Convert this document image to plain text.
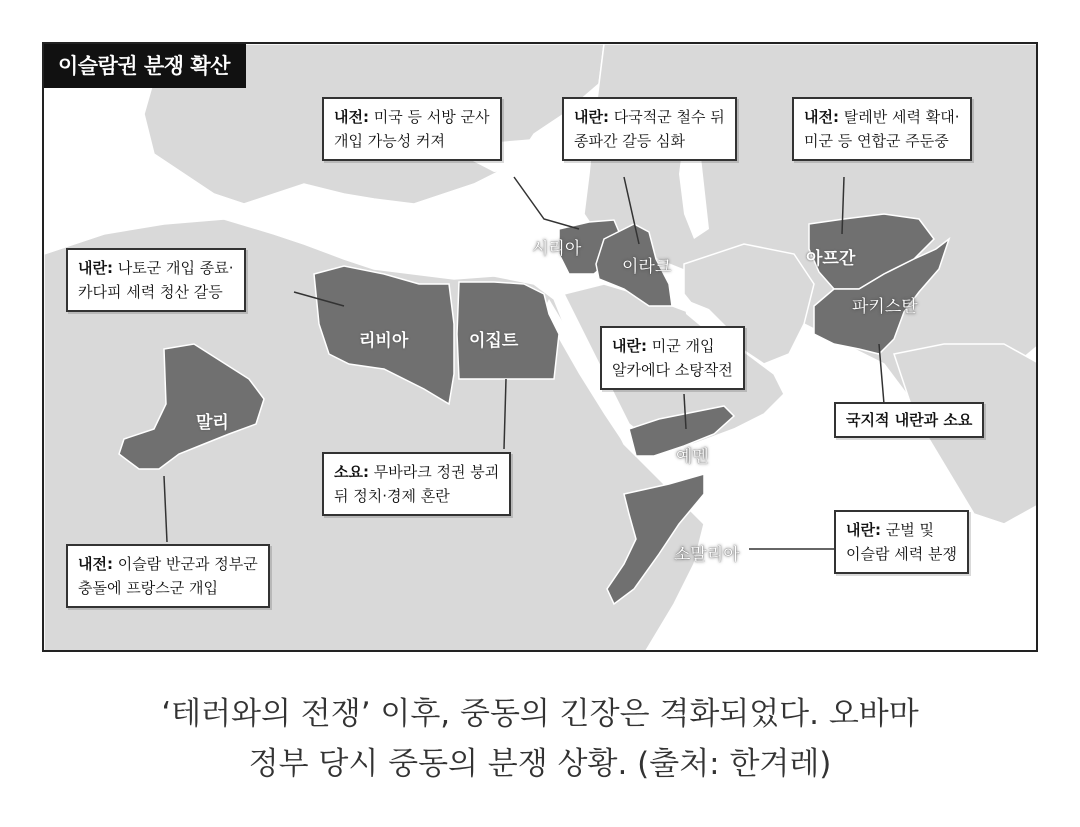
이슬람권 분쟁 확산
시리아
이라크	아프간
파키스탄
리비아	이집트
말리
예멘
소말리아
내전: 미국 등 서방 군사
개입 가능성 커져
내란: 다국적군 철수 뒤
종파간 갈등 심화
내전: 탈레반 세력 확대·
미군 등 연합군 주둔중
내란: 나토군 개입 종료·
카다피 세력 청산 갈등
내란: 미군 개입
알카에다 소탕작전
국지적 내란과 소요
소요: 무바라크 정권 붕괴
뒤 정치·경제 혼란
내란: 군벌 및
이슬람 세력 분쟁
내전: 이슬람 반군과 정부군
충돌에 프랑스군 개입
‘테러와의 전쟁’ 이후, 중동의 긴장은 격화되었다. 오바마
정부 당시 중동의 분쟁 상황. (출처: 한겨레)
